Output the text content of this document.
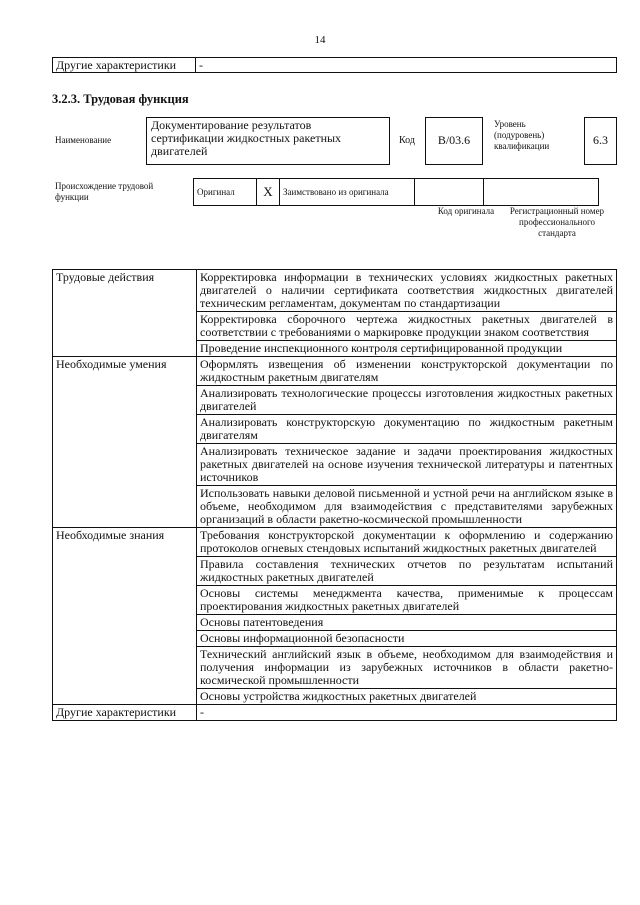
14
Другие характеристики	-
3.2.3. Трудовая функция
Наименование
Документирование результатов сертификации жидкостных ракетных двигателей
Код	В/03.6
Уровень (подуровень) квалификации	6.3
Происхождение трудовой функции
Оригинал	X	Заимствовано из оригинала		
Код оригинала	Регистрационный номер профессионального стандарта
Трудовые действия	Корректировка информации в технических условиях жидкостных ракетных двигателей о наличии сертификата соответствия жидкостных двигателей техническим регламентам, документам по стандартизации
	Корректировка сборочного чертежа жидкостных ракетных двигателей в соответствии с требованиями о маркировке продукции знаком соответствия
	Проведение инспекционного контроля сертифицированной продукции
Необходимые умения	Оформлять извещения об изменении конструкторской документации по жидкостным ракетным двигателям
	Анализировать технологические процессы изготовления жидкостных ракетных двигателей
	Анализировать конструкторскую документацию по жидкостным ракетным двигателям
	Анализировать техническое задание и задачи проектирования жидкостных ракетных двигателей на основе изучения технической литературы и патентных источников
	Использовать навыки деловой письменной и устной речи на английском языке в объеме, необходимом для взаимодействия с представителями зарубежных организаций в области ракетно-космической промышленности
Необходимые знания	Требования конструкторской документации к оформлению и содержанию протоколов огневых стендовых испытаний жидкостных ракетных двигателей
	Правила составления технических отчетов по результатам испытаний жидкостных ракетных двигателей
	Основы системы менеджмента качества, применимые к процессам проектирования жидкостных ракетных двигателей
	Основы патентоведения
	Основы информационной безопасности
	Технический английский язык в объеме, необходимом для взаимодействия и получения информации из зарубежных источников в области ракетно-космической промышленности
	Основы устройства жидкостных ракетных двигателей
Другие характеристики	-
